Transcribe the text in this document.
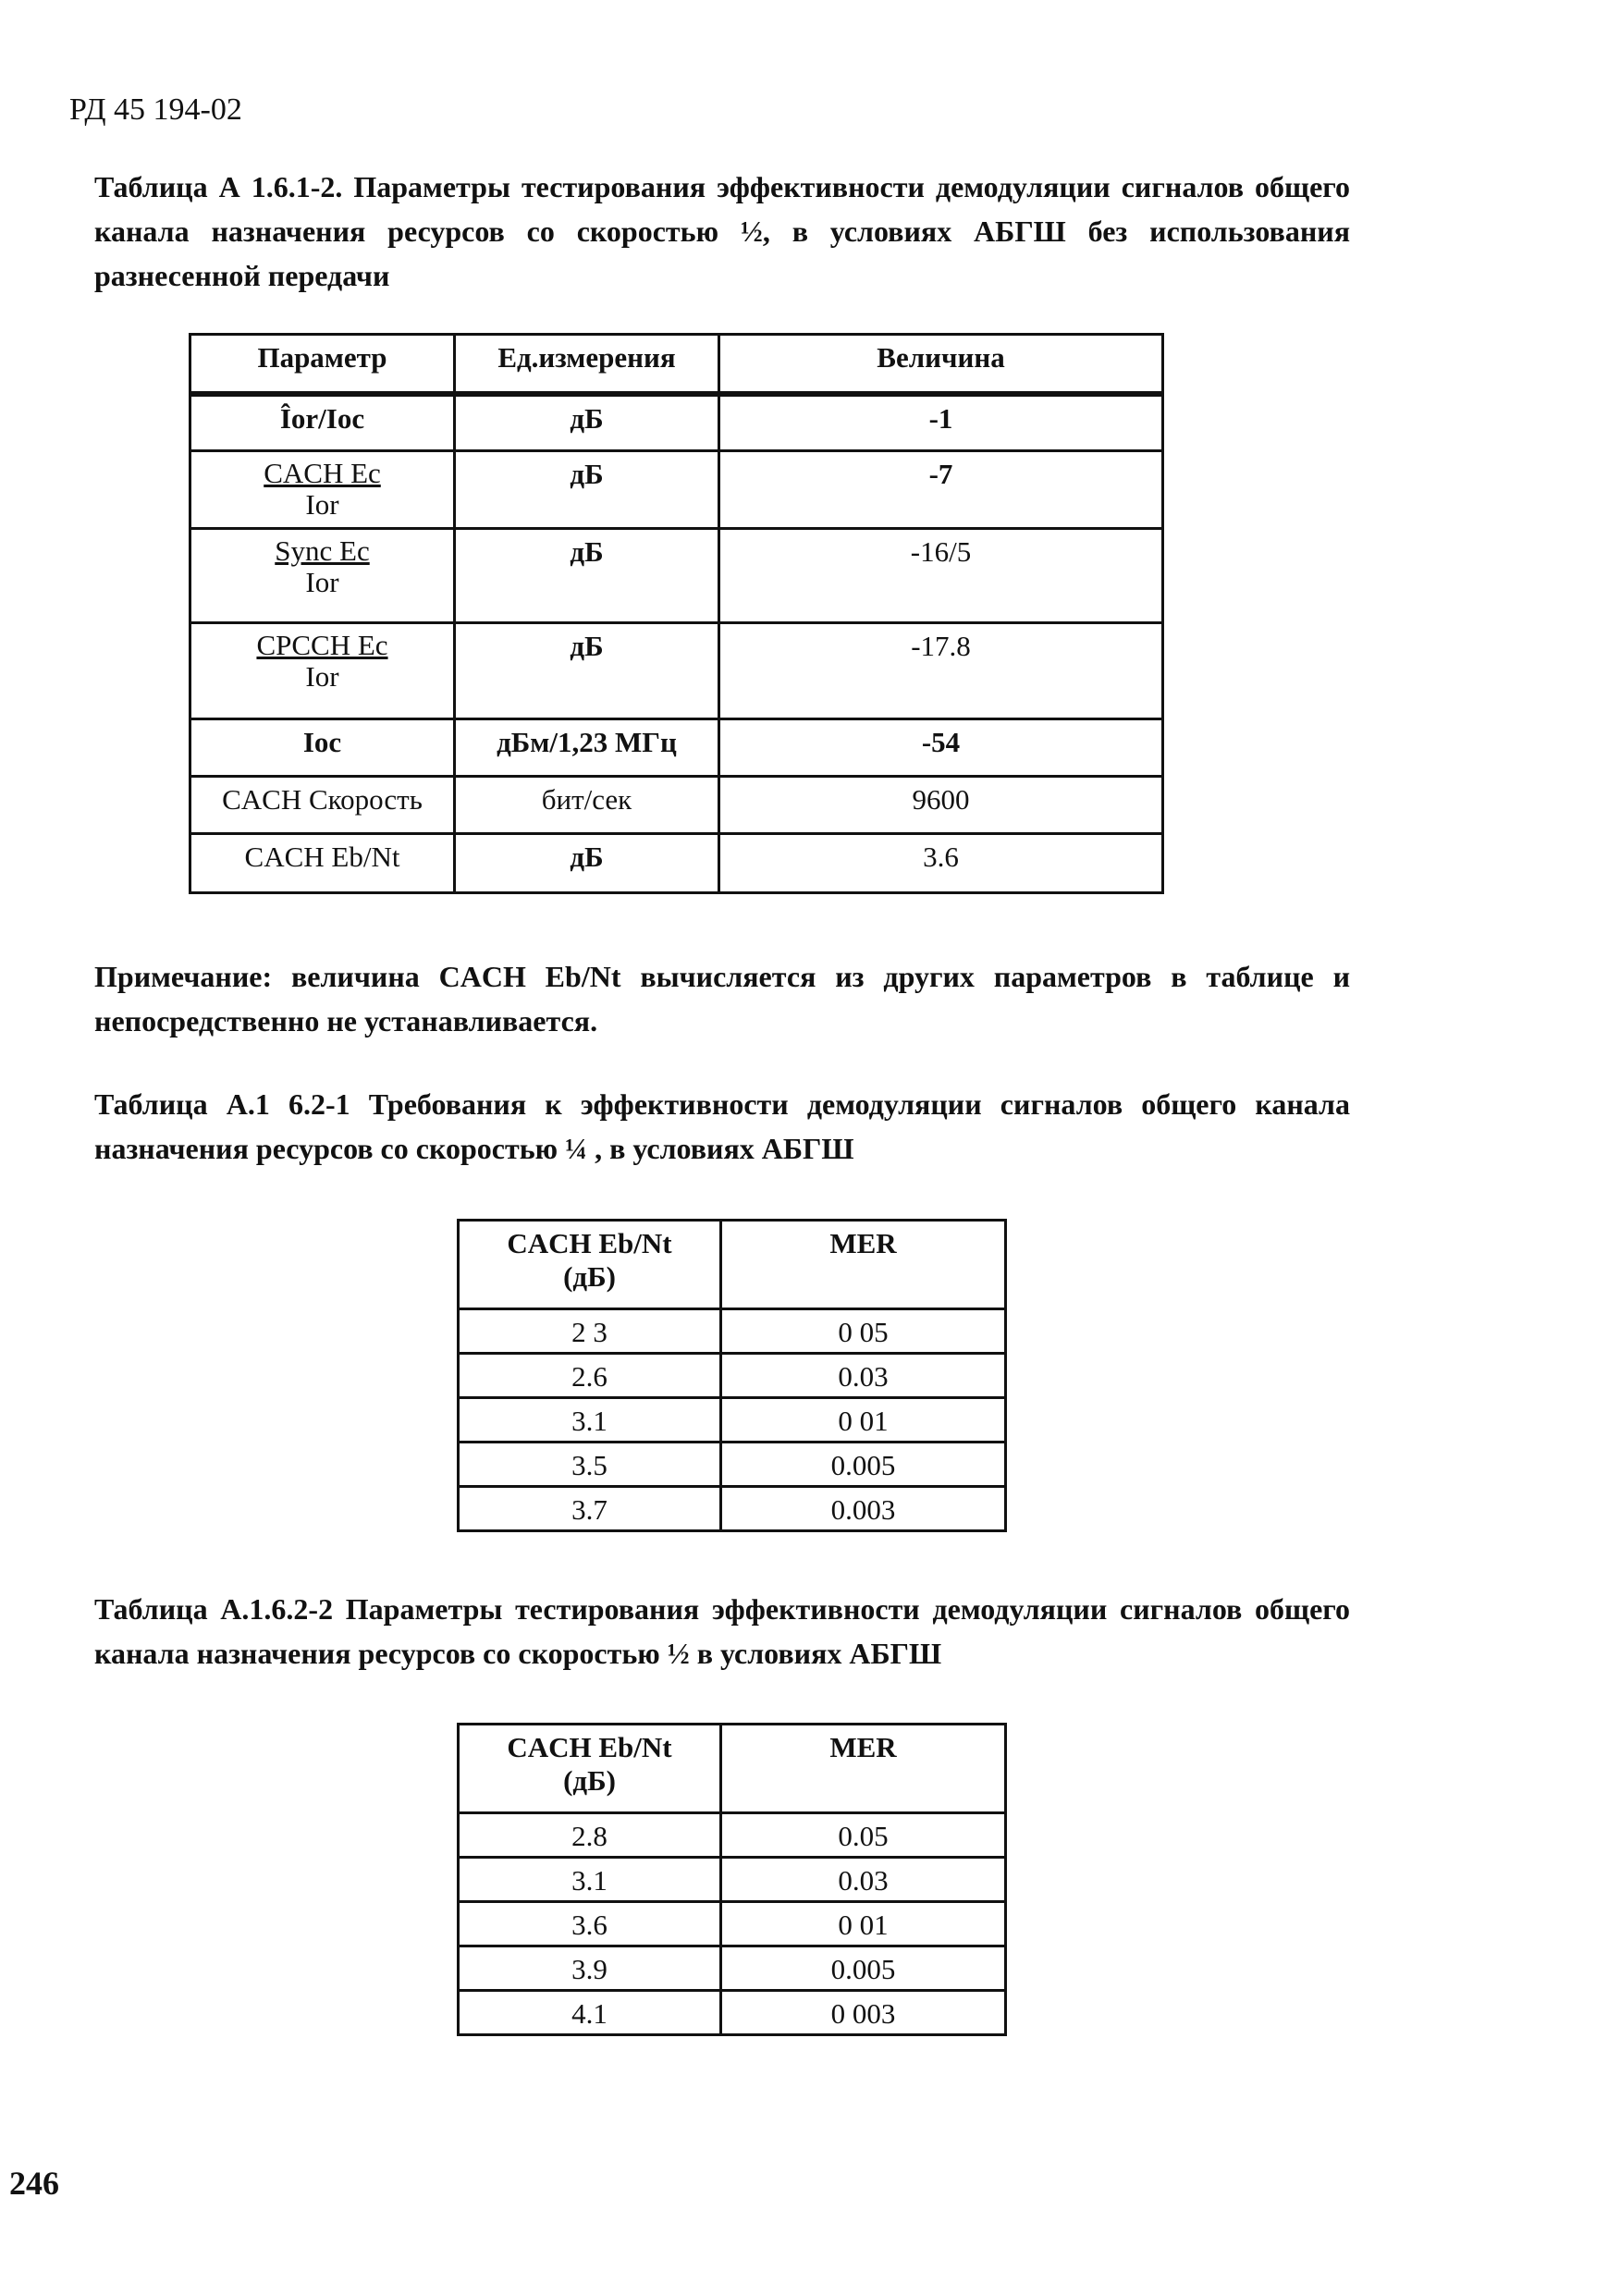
РД 45 194-02
Таблица А 1.6.1-2. Параметры тестирования эффективности демодуляции сигналов общего канала назначения ресурсов со скоростью ½, в условиях АБГШ без использования разнесенной передачи
Параметр	Ед.измерения	Величина
Îor/Ioc	дБ	-1
CACH Ec
Ior	дБ	-7
Sync Ec
Ior	дБ	-16/5
CPCCH Ec
Ior	дБ	-17.8
Ioc	дБм/1,23 МГц	-54
CACH Скорость	бит/сек	9600
CACH Eb/Nt	дБ	3.6
Примечание: величина CACH Eb/Nt вычисляется из других параметров в таблице и непосредственно не устанавливается.
Таблица А.1 6.2-1 Требования к эффективности демодуляции сигналов общего канала назначения ресурсов со скоростью ¼ , в условиях АБГШ
CACH Eb/Nt
(дБ)	MER
2 3	0 05
2.6	0.03
3.1	0 01
3.5	0.005
3.7	0.003
Таблица А.1.6.2-2 Параметры тестирования эффективности демодуляции сигналов общего канала назначения ресурсов со скоростью ½ в условиях АБГШ
CACH Eb/Nt
(дБ)	MER
2.8	0.05
3.1	0.03
3.6	0 01
3.9	0.005
4.1	0 003
246
